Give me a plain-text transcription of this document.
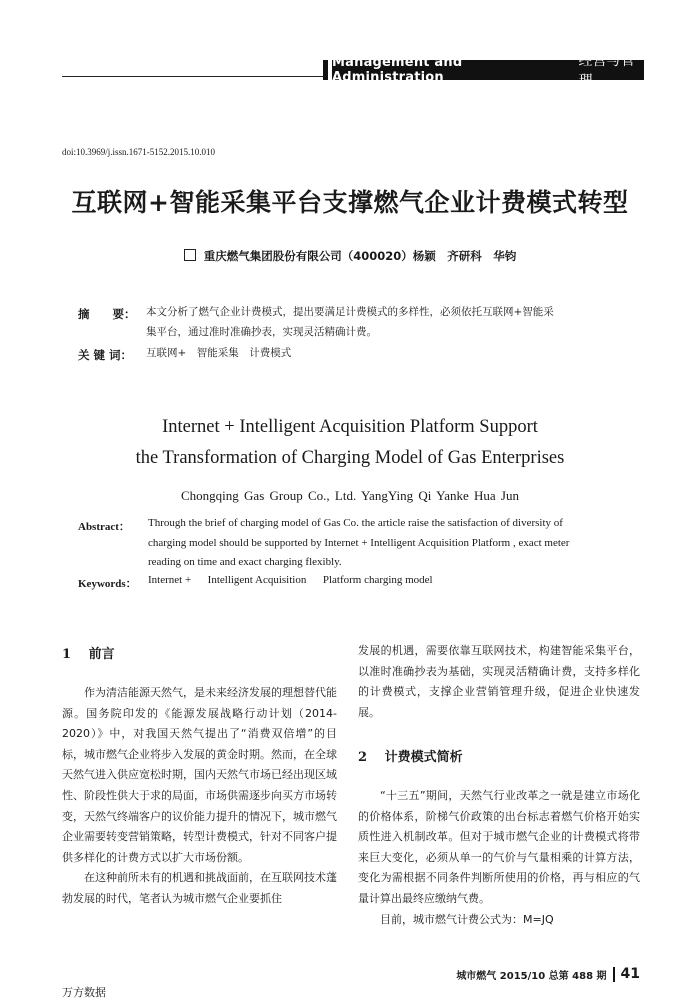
Management and Administration
经营与管理
doi:10.3969/j.issn.1671-5152.2015.10.010
互联网+智能采集平台支撑燃气企业计费模式转型
重庆燃气集团股份有限公司（400020）杨颖　齐研科　华钧
摘　　要： 本文分析了燃气企业计费模式，提出要满足计费模式的多样性，必须依托互联网+智能采
集平台，通过准时准确抄表，实现灵活精确计费。
关 键 词： 互联网+　智能采集　计费模式
Internet + Intelligent Acquisition Platform Support
the Transformation of Charging Model of Gas Enterprises
Chongqing Gas Group Co., Ltd. YangYing Qi Yanke Hua Jun
Abstract： Through the brief of charging model of Gas Co. the article raise the satisfaction of diversity of
charging model should be supported by Internet + Intelligent Acquisition Platform , exact meter
reading on time and exact charging flexibly.
Keywords： Internet +      Intelligent Acquisition      Platform charging model
1　 前言

作为清洁能源天然气，是未来经济发展的理想替代能源。国务院印发的《能源发展战略行动计划（2014-2020）》中，对我国天然气提出了“消费双倍增”的目标，城市燃气企业将步入发展的黄金时期。然而，在全球天然气进入供应宽松时期，国内天然气市场已经出现区域性、阶段性供大于求的局面，市场供需逐步向买方市场转变，天然气终端客户的议价能力提升的情况下，城市燃气企业需要转变营销策略，转型计费模式，针对不同客户提供多样化的计费方式以扩大市场份额。

在这种前所未有的机遇和挑战面前，在互联网技术蓬勃发展的时代，笔者认为城市燃气企业要抓住

发展的机遇，需要依靠互联网技术，构建智能采集平台，以准时准确抄表为基础，实现灵活精确计费，支持多样化的计费模式，支撑企业营销管理升级，促进企业快速发展。

2　 计费模式简析

“十三五”期间，天然气行业改革之一就是建立市场化的价格体系，阶梯气价政策的出台标志着燃气价格开始实质性进入机制改革。但对于城市燃气企业的计费模式将带来巨大变化，必须从单一的气价与气量相乘的计算方法，变化为需根据不同条件判断所使用的价格，再与相应的气量计算出最终应缴纳气费。

目前，城市燃气计费公式为：M=JQ

城市燃气 2015/10 总第 488 期 41
万方数据
